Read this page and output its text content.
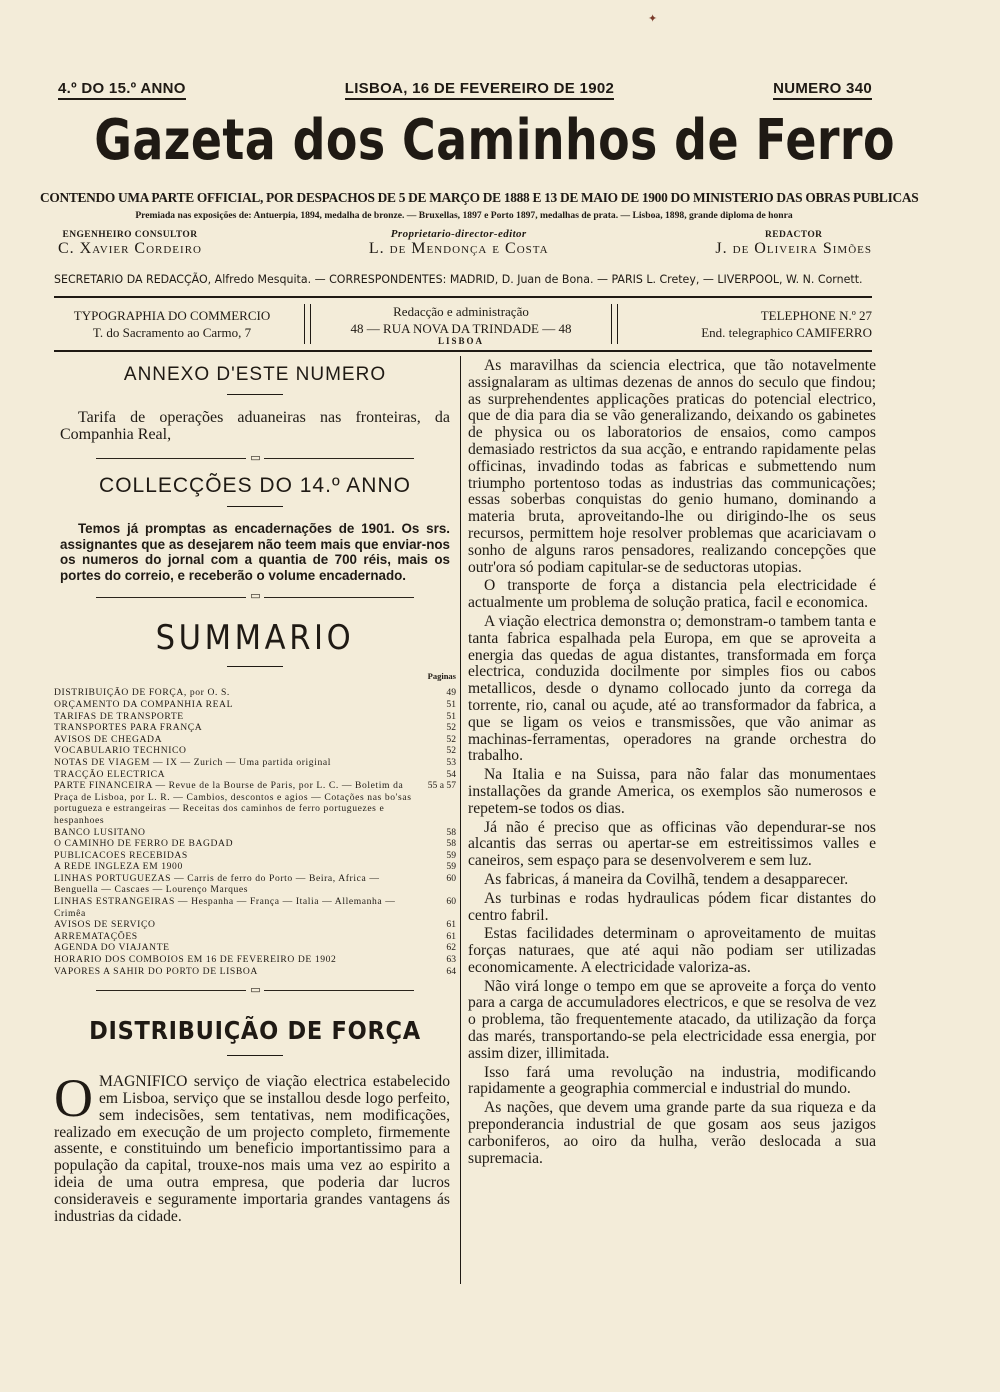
✦
4.º DO 15.º ANNO	LISBOA, 16 DE FEVEREIRO DE 1902	NUMERO 340
Gazeta dos Caminhos de Ferro
CONTENDO UMA PARTE OFFICIAL, POR DESPACHOS DE 5 DE MARÇO DE 1888 E 13 DE MAIO DE 1900 DO MINISTERIO DAS OBRAS PUBLICAS
Premiada nas exposições de: Antuerpia, 1894, medalha de bronze. — Bruxellas, 1897 e Porto 1897, medalhas de prata. — Lisboa, 1898, grande diploma de honra
ENGENHEIRO CONSULTOR
C. Xavier Cordeiro
Proprietario-director-editor
L. de Mendonça e Costa
REDACTOR
J. de Oliveira Simões
SECRETARIO DA REDACÇÃO, Alfredo Mesquita. — CORRESPONDENTES: MADRID, D. Juan de Bona. — PARIS L. Cretey, — LIVERPOOL, W. N. Cornett.
TYPOGRAPHIA DO COMMERCIO
T. do Sacramento ao Carmo, 7
Redacção e administração
48 — RUA NOVA DA TRINDADE — 48
LISBOA
TELEPHONE N.º 27
End. telegraphico CAMIFERRO
ANNEXO D'ESTE NUMERO
Tarifa de operações aduaneiras nas fronteiras, da Companhia Real,
▭
COLLECÇÕES DO 14.º ANNO
Temos já promptas as encadernações de 1901. Os srs. assignantes que as desejarem não teem mais que enviar-nos os numeros do jornal com a quantia de 700 réis, mais os portes do correio, e receberão o volume encadernado.
▭
SUMMARIO
Paginas
DISTRIBUIÇÃO DE FORÇA, por O. S.	49
ORÇAMENTO DA COMPANHIA REAL	51
TARIFAS DE TRANSPORTE	51
TRANSPORTES PARA FRANÇA	52
AVISOS DE CHEGADA	52
VOCABULARIO TECHNICO	52
NOTAS DE VIAGEM — IX — Zurich — Uma partida original	53
TRACÇÃO ELECTRICA	54
PARTE FINANCEIRA — Revue de la Bourse de Paris, por L. C. — Boletim da Praça de Lisboa, por L. R. — Cambios, descontos e agios — Cotações nas bo'sas portugueza e estrangeiras — Receitas dos caminhos de ferro portuguezes e hespanhoes
55 a 57
BANCO LUSITANO	58
O CAMINHO DE FERRO DE BAGDAD	58
PUBLICACOES RECEBIDAS	59
A REDE INGLEZA EM 1900	59
LINHAS PORTUGUEZAS — Carris de ferro do Porto — Beira, Africa — Benguella — Cascaes — Lourenço Marques
60
LINHAS ESTRANGEIRAS — Hespanha — França — Italia — Allemanha — Crimêa
60
AVISOS DE SERVIÇO	61
ARREMATAÇÕES	61
AGENDA DO VIAJANTE	62
HORARIO DOS COMBOIOS EM 16 DE FEVEREIRO DE 1902	63
VAPORES A SAHIR DO PORTO DE LISBOA	64
▭
DISTRIBUIÇÃO DE FORÇA
O MAGNIFICO serviço de viação electrica estabelecido em Lisboa, serviço que se installou desde logo perfeito, sem indecisões, sem tentativas, nem modificações, realizado em execução de um projecto completo, firmemente assente, e constituindo um beneficio importantissimo para a população da capital, trouxe-nos mais uma vez ao espirito a ideia de uma outra empresa, que poderia dar lucros consideraveis e seguramente importaria grandes vantagens ás industrias da cidade.

As maravilhas da sciencia electrica, que tão notavelmente assignalaram as ultimas dezenas de annos do seculo que findou; as surprehendentes applicações praticas do potencial electrico, que de dia para dia se vão generalizando, deixando os gabinetes de physica ou os laboratorios de ensaios, como campos demasiado restrictos da sua acção, e entrando rapidamente pelas officinas, invadindo todas as fabricas e submettendo num triumpho portentoso todas as industrias das communicações; essas soberbas conquistas do genio humano, dominando a materia bruta, aproveitando-lhe ou dirigindo-lhe os seus recursos, permittem hoje resolver problemas que acariciavam o sonho de alguns raros pensadores, realizando concepções que outr'ora só podiam capitular-se de seductoras utopias.

O transporte de força a distancia pela electricidade é actualmente um problema de solução pratica, facil e economica.

A viação electrica demonstra o; demonstram-o tambem tanta e tanta fabrica espalhada pela Europa, em que se aproveita a energia das quedas de agua distantes, transformada em força electrica, conduzida docilmente por simples fios ou cabos metallicos, desde o dynamo collocado junto da correga da torrente, rio, canal ou açude, até ao transformador da fabrica, a que se ligam os veios e transmissões, que vão animar as machinas-ferramentas, operadores na grande orchestra do trabalho.

Na Italia e na Suissa, para não falar das monumentaes installações da grande America, os exemplos são numerosos e repetem-se todos os dias.

Já não é preciso que as officinas vão dependurar-se nos alcantis das serras ou apertar-se em estreitissimos valles e caneiros, sem espaço para se desenvolverem e sem luz.

As fabricas, á maneira da Covilhã, tendem a desapparecer.

As turbinas e rodas hydraulicas pódem ficar distantes do centro fabril.

Estas facilidades determinam o aproveitamento de muitas forças naturaes, que até aqui não podiam ser utilizadas economicamente. A electricidade valoriza-as.

Não virá longe o tempo em que se aproveite a força do vento para a carga de accumuladores electricos, e que se resolva de vez o problema, tão frequentemente atacado, da utilização da força das marés, transportando-se pela electricidade essa energia, por assim dizer, illimitada.

Isso fará uma revolução na industria, modificando rapidamente a geographia commercial e industrial do mundo.

As nações, que devem uma grande parte da sua riqueza e da preponderancia industrial de que gosam aos seus jazigos carboniferos, ao oiro da hulha, verão deslocada a sua supremacia.
